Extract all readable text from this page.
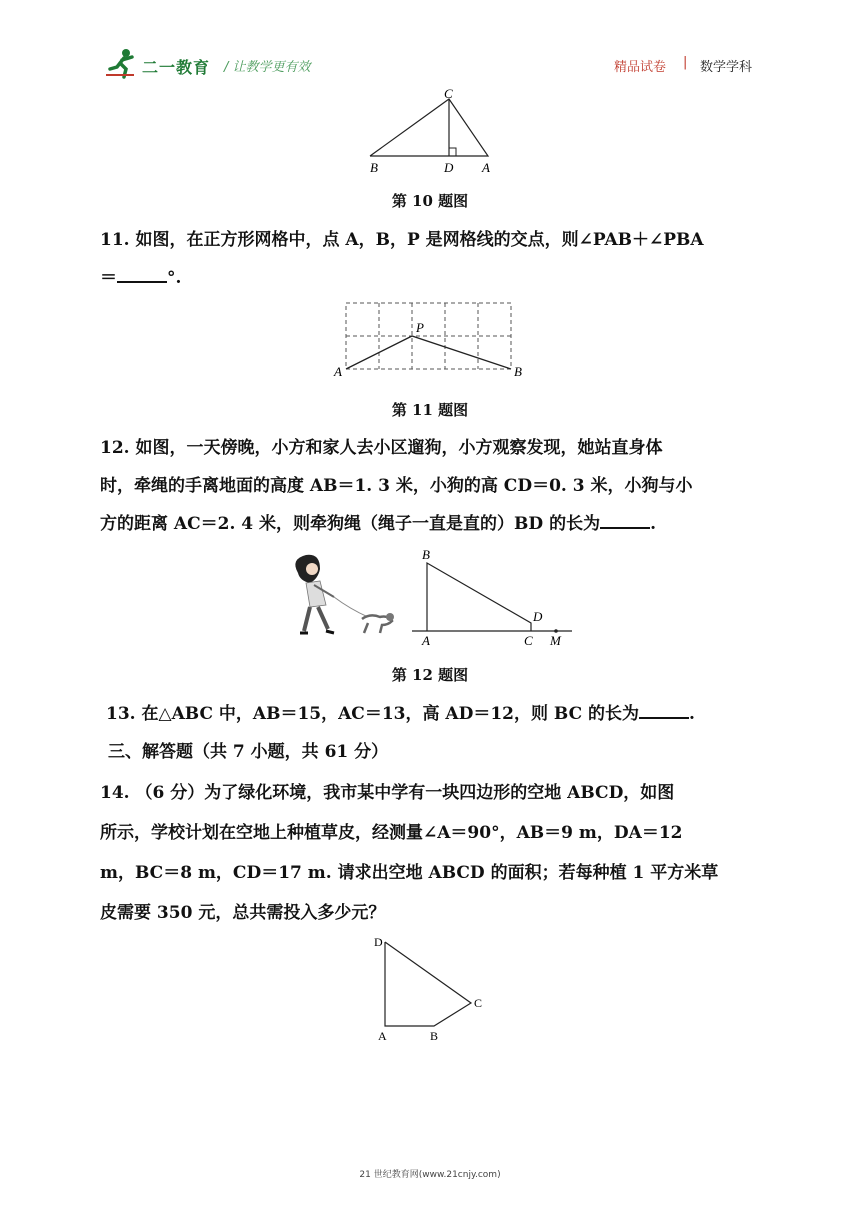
二一教育 / 让教学更有效	精品试卷 | 数学学科
C
B	D A
第 10 题图
11. 如图，在正方形网格中，点 A，B，P 是网格线的交点，则∠PAB＋∠PBA
＝	°.
P
A	B
第 11 题图
12. 如图，一天傍晚，小方和家人去小区遛狗，小方观察发现，她站直身体
时，牵绳的手离地面的高度 AB＝1. 3 米，小狗的高 CD＝0. 3 米，小狗与小
方的距离 AC＝2. 4 米，则牵狗绳（绳子一直是直的）BD 的长为	.
B
D
A	C M
第 12 题图
13. 在△ABC 中，AB＝15，AC＝13，高 AD＝12，则 BC 的长为	.
三、解答题（共 7 小题，共 61 分）
14. （6 分）为了绿化环境，我市某中学有一块四边形的空地 ABCD，如图
所示，学校计划在空地上种植草皮，经测量∠A＝90°，AB＝9 m，DA＝12
m，BC＝8 m，CD＝17 m. 请求出空地 ABCD 的面积；若每种植 1 平方米草
皮需要 350 元，总共需投入多少元？
D
C
A	B
21 世纪教育网(www.21cnjy.com)
